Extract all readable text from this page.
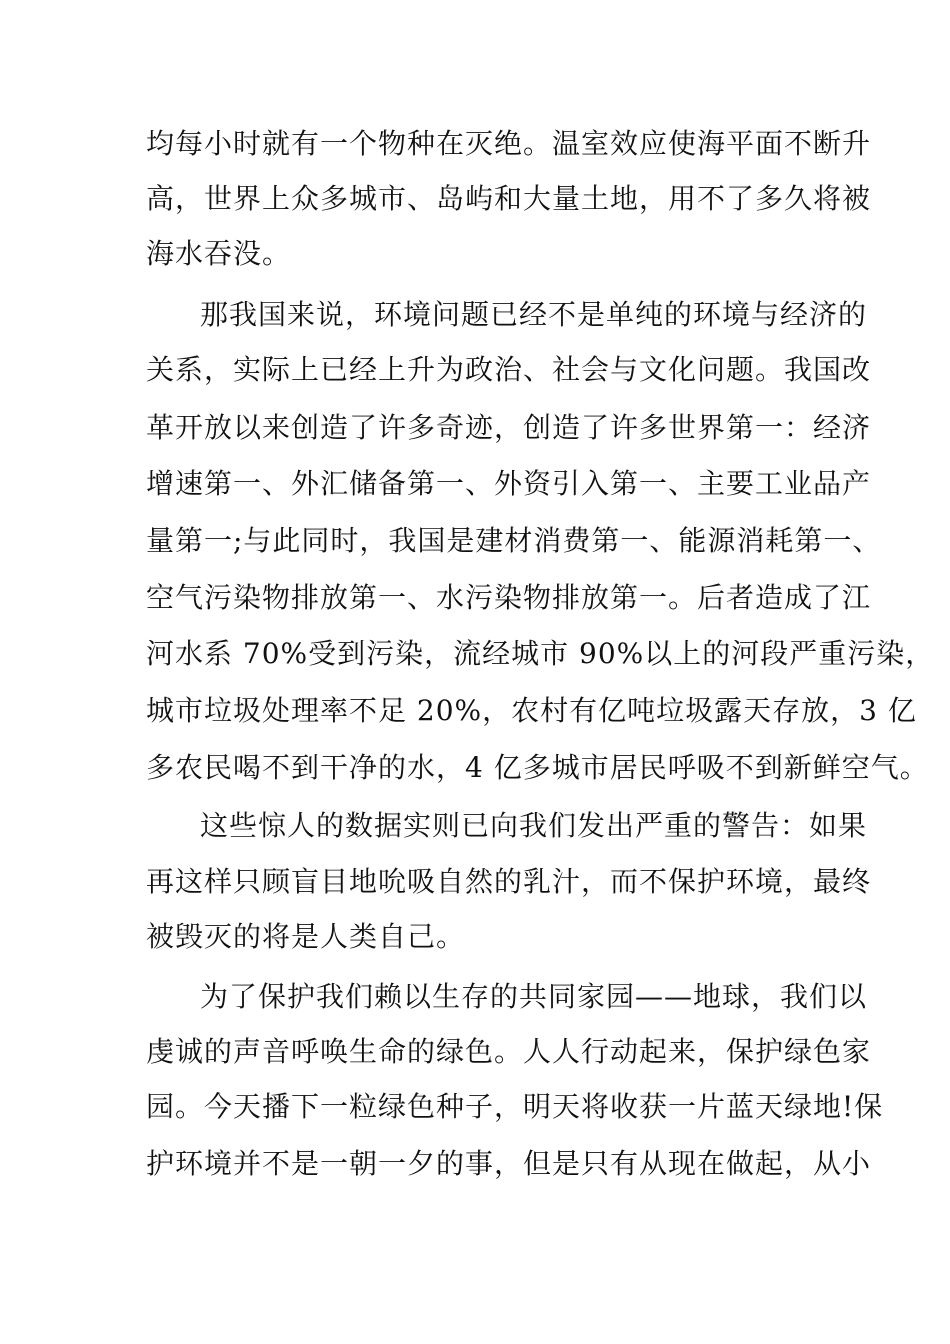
均每小时就有一个物种在灭绝。温室效应使海平面不断升
高，世界上众多城市、岛屿和大量土地，用不了多久将被
海水吞没。
那我国来说，环境问题已经不是单纯的环境与经济的
关系，实际上已经上升为政治、社会与文化问题。我国改
革开放以来创造了许多奇迹，创造了许多世界第一：经济
增速第一、外汇储备第一、外资引入第一、主要工业品产
量第一;与此同时，我国是建材消费第一、能源消耗第一、
空气污染物排放第一、水污染物排放第一。后者造成了江
河水系 70%受到污染，流经城市 90%以上的河段严重污染，
城市垃圾处理率不足 20%，农村有亿吨垃圾露天存放，3 亿
多农民喝不到干净的水，4 亿多城市居民呼吸不到新鲜空气。
这些惊人的数据实则已向我们发出严重的警告：如果
再这样只顾盲目地吮吸自然的乳汁，而不保护环境，最终
被毁灭的将是人类自己。
为了保护我们赖以生存的共同家园——地球，我们以
虔诚的声音呼唤生命的绿色。人人行动起来，保护绿色家
园。今天播下一粒绿色种子，明天将收获一片蓝天绿地!保
护环境并不是一朝一夕的事，但是只有从现在做起，从小
